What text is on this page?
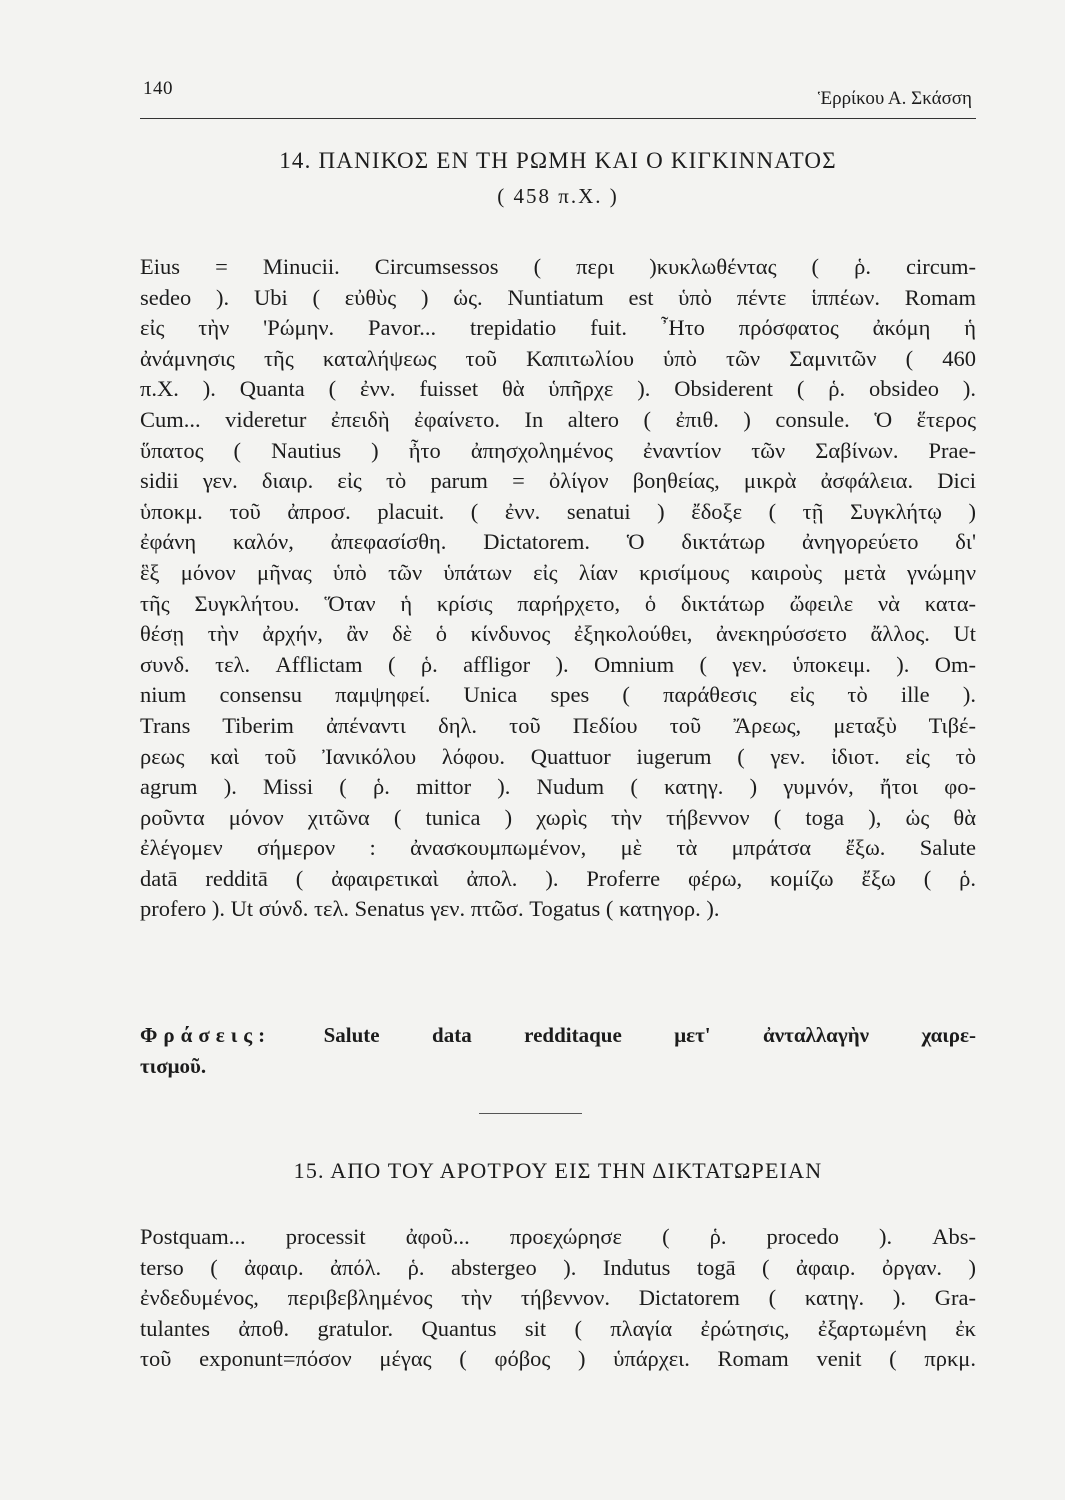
140	Ἑρρίκου Α. Σκάσση
14. ΠΑΝΙΚΟΣ ΕΝ ΤΗ ΡΩΜΗ ΚΑΙ Ο ΚΙΓΚΙΝΝΑΤΟΣ
( 458 π.Χ. )
Eius = Minucii. Circumsessos ( περι )κυκλωθέντας ( ῥ. circum-
sedeo ). Ubi ( εὐθὺς ) ὡς. Nuntiatum est ὑπὸ πέντε ἱππέων. Romam
εἰς τὴν 'Ρώμην. Pavor... trepidatio fuit. ῏Ητο πρόσφατος ἀκόμη ἡ
ἀνάμνησις τῆς καταλήψεως τοῦ Καπιτωλίου ὑπὸ τῶν Σαμνιτῶν ( 460
π.Χ. ). Quanta ( ἐνν. fuisset θὰ ὑπῆρχε ). Obsiderent ( ῥ. obsideo ).
Cum... videretur ἐπειδὴ ἐφαίνετο. In altero ( ἐπιθ. ) consule. Ὁ ἕτερος
ὕπατος ( Nautius ) ἦτο ἀπησχολημένος ἐναντίον τῶν Σαβίνων. Prae-
sidii γεν. διαιρ. εἰς τὸ parum = ὀλίγον βοηθείας, μικρὰ ἀσφάλεια. Dici
ὑποκμ. τοῦ ἀπροσ. placuit. ( ἐνν. senatui ) ἔδοξε ( τῇ Συγκλήτῳ )
ἐφάνη καλόν, ἀπεφασίσθη. Dictatorem. Ὁ δικτάτωρ ἀνηγορεύετο δι'
ἓξ μόνον μῆνας ὑπὸ τῶν ὑπάτων εἰς λίαν κρισίμους καιροὺς μετὰ γνώμην
τῆς Συγκλήτου. Ὅταν ἡ κρίσις παρήρχετο, ὁ δικτάτωρ ὤφειλε νὰ κατα-
θέσῃ τὴν ἀρχήν, ἂν δὲ ὁ κίνδυνος ἐξηκολούθει, ἀνεκηρύσσετο ἄλλος. Ut
συνδ. τελ. Afflictam ( ῥ. affligor ). Omnium ( γεν. ὑποκειμ. ). Om-
nium consensu παμψηφεί. Unica spes ( παράθεσις εἰς τὸ ille ).
Trans Tiberim ἀπέναντι δηλ. τοῦ Πεδίου τοῦ Ἄρεως, μεταξὺ Τιβέ-
ρεως καὶ τοῦ Ἰανικόλου λόφου. Quattuor iugerum ( γεν. ἰδιοτ. εἰς τὸ
agrum ). Missi ( ῥ. mittor ). Nudum ( κατηγ. ) γυμνόν, ἤτοι φο-
ροῦντα μόνον χιτῶνα ( tunica ) χωρὶς τὴν τήβεννον ( toga ), ὡς θὰ
ἐλέγομεν σήμερον : ἀνασκουμπωμένον, μὲ τὰ μπράτσα ἔξω. Salute
datā redditā ( ἀφαιρετικαὶ ἀπολ. ). Proferre φέρω, κομίζω ἔξω ( ῥ.
profero ). Ut σύνδ. τελ. Senatus γεν. πτῶσ. Togatus ( κατηγορ. ).
Φράσεις: Salute data redditaque μετ' ἀνταλλαγὴν χαιρε-
τισμοῦ.
15. ΑΠΟ ΤΟΥ ΑΡΟΤΡΟΥ ΕΙΣ ΤΗΝ ΔΙΚΤΑΤΩΡΕΙΑΝ
Postquam... processit ἀφοῦ... προεχώρησε ( ῥ. procedo ). Abs-
terso ( ἀφαιρ. ἀπόλ. ῥ. abstergeo ). Indutus togā ( ἀφαιρ. ὀργαν. )
ἐνδεδυμένος, περιβεβλημένος τὴν τήβεννον. Dictatorem ( κατηγ. ). Gra-
tulantes ἀποθ. gratulor. Quantus sit ( πλαγία ἐρώτησις, ἐξαρτωμένη ἐκ
τοῦ exponunt=πόσον μέγας ( φόβος ) ὑπάρχει. Romam venit ( πρκμ.
